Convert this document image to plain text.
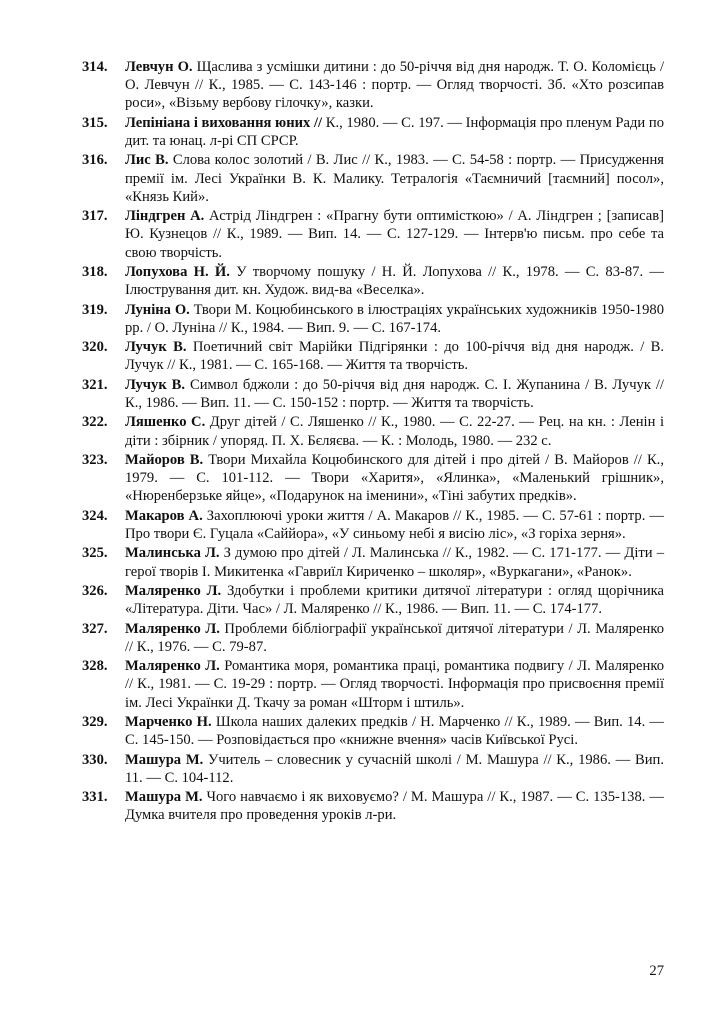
314. Левчун О. Щаслива з усмішки дитини : до 50-річчя від дня народж. Т. О. Коломієць / О. Левчун // К., 1985. — С. 143-146 : портр. — Огляд творчості. Зб. «Хто розсипав роси», «Візьму вербову гілочку», казки.
315. Лепініана і виховання юних // К., 1980. — С. 197. — Інформація про пленум Ради по дит. та юнац. л-рі СП СРСР.
316. Лис В. Слова колос золотий / В. Лис // К., 1983. — С. 54-58 : портр. — Присудження премії ім. Лесі Українки В. К. Малику. Тетралогія «Таємничий [таємний] посол», «Князь Кий».
317. Ліндгрен А. Астрід Ліндгрен : «Прагну бути оптимісткою» / А. Ліндгрен ; [записав] Ю. Кузнецов // К., 1989. — Вип. 14. — С. 127-129. — Інтерв'ю письм. про себе та свою творчість.
318. Лопухова Н. Й. У творчому пошуку / Н. Й. Лопухова // К., 1978. — С. 83-87. — Ілюстрування дит. кн. Худож. вид-ва «Веселка».
319. Луніна О. Твори М. Коцюбинського в ілюстраціях українських художників 1950-1980 рр. / О. Луніна // К., 1984. — Вип. 9. — С. 167-174.
320. Лучук В. Поетичний світ Марійки Підгірянки : до 100-річчя від дня народж. / В. Лучук // К., 1981. — С. 165-168. — Життя та творчість.
321. Лучук В. Символ бджоли : до 50-річчя від дня народж. С. І. Жупанина / В. Лучук // К., 1986. — Вип. 11. — С. 150-152 : портр. — Життя та творчість.
322. Ляшенко С. Друг дітей / С. Ляшенко // К., 1980. — С. 22-27. — Рец. на кн. : Ленін і діти : збірник / упоряд. П. Х. Бєляєва. — К. : Молодь, 1980. — 232 с.
323. Майоров В. Твори Михайла Коцюбинского для дітей і про дітей / В. Майоров // К., 1979. — С. 101-112. — Твори «Харитя», «Ялинка», «Маленький грішник», «Нюренберзьке яйце», «Подарунок на іменини», «Тіні забутих предків».
324. Макаров А. Захоплюючі уроки життя / А. Макаров // К., 1985. — С. 57-61 : портр. — Про твори Є. Гуцала «Саййора», «У синьому небі я висію ліс», «З горіха зерня».
325. Малинська Л. З думою про дітей / Л. Малинська // К., 1982. — С. 171-177. — Діти – герої творів І. Микитенка «Гавриїл Кириченко – школяр», «Вуркагани», «Ранок».
326. Маляренко Л. Здобутки і проблеми критики дитячої літератури : огляд щорічника «Література. Діти. Час» / Л. Маляренко // К., 1986. — Вип. 11. — С. 174-177.
327. Маляренко Л. Проблеми бібліографії української дитячої літератури / Л. Маляренко // К., 1976. — С. 79-87.
328. Маляренко Л. Романтика моря, романтика праці, романтика подвигу / Л. Маляренко // К., 1981. — С. 19-29 : портр. — Огляд творчості. Інформація про присвоєння премії ім. Лесі Українки Д. Ткачу за роман «Шторм і штиль».
329. Марченко Н. Школа наших далеких предків / Н. Марченко // К., 1989. — Вип. 14. — С. 145-150. — Розповідається про «книжне вчення» часів Київської Русі.
330. Машура М. Учитель – словесник у сучасній школі / М. Машура // К., 1986. — Вип. 11. — С. 104-112.
331. Машура М. Чого навчаємо і як виховуємо? / М. Машура // К., 1987. — С. 135-138. — Думка вчителя про проведення уроків л-ри.
27
